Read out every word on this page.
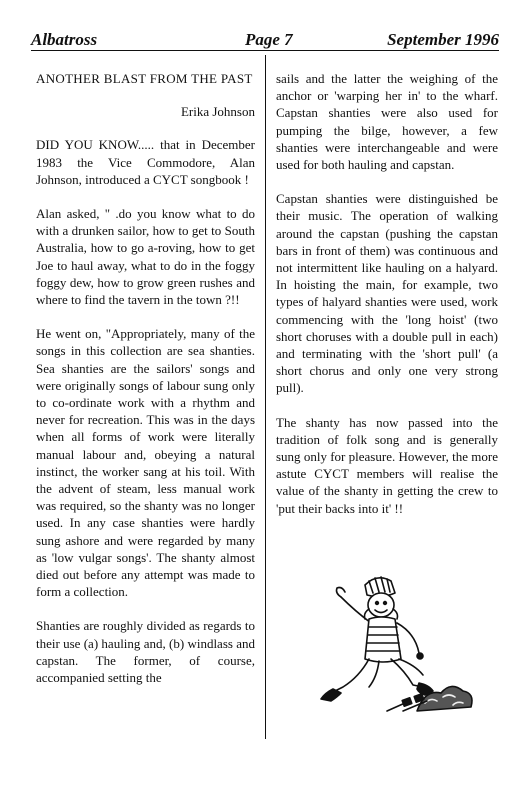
Albatross	Page 7	September 1996
ANOTHER BLAST FROM THE PAST
Erika Johnson

DID YOU KNOW..... that in December 1983 the Vice Commodore, Alan Johnson, introduced a CYCT songbook !

Alan asked, " .do you know what to do with a drunken sailor, how to get to South Australia, how to go a-roving, how to get Joe to haul away, what to do in the foggy foggy dew, how to grow green rushes and where to find the tavern in the town ?!!

He went on, "Appropriately, many of the songs in this collection are sea shanties. Sea shanties are the sailors' songs and were originally songs of labour sung only to co-ordinate work with a rhythm and never for recreation. This was in the days when all forms of work were literally manual labour and, obeying a natural instinct, the worker sang at his toil. With the advent of steam, less manual work was required, so the shanty was no longer used. In any case shanties were hardly sung ashore and were regarded by many as 'low vulgar songs'. The shanty almost died out before any attempt was made to form a collection.

Shanties are roughly divided as regards to their use (a) hauling and, (b) windlass and capstan. The former, of course, accompanied setting the

sails and the latter the weighing of the anchor or 'warping her in' to the wharf. Capstan shanties were also used for pumping the bilge, however, a few shanties were interchangeable and were used for both hauling and capstan.

Capstan shanties were distinguished be their music. The operation of walking around the capstan (pushing the capstan bars in front of them) was continuous and not intermittent like hauling on a halyard. In hoisting the main, for example, two types of halyard shanties were used, work commencing with the 'long hoist' (two short choruses with a double pull in each) and terminating with the 'short pull' (a short chorus and only one very strong pull).

The shanty has now passed into the tradition of folk song and is generally sung only for pleasure. However, the more astute CYCT members will realise the value of the shanty in getting the crew to 'put their backs into it' !!
